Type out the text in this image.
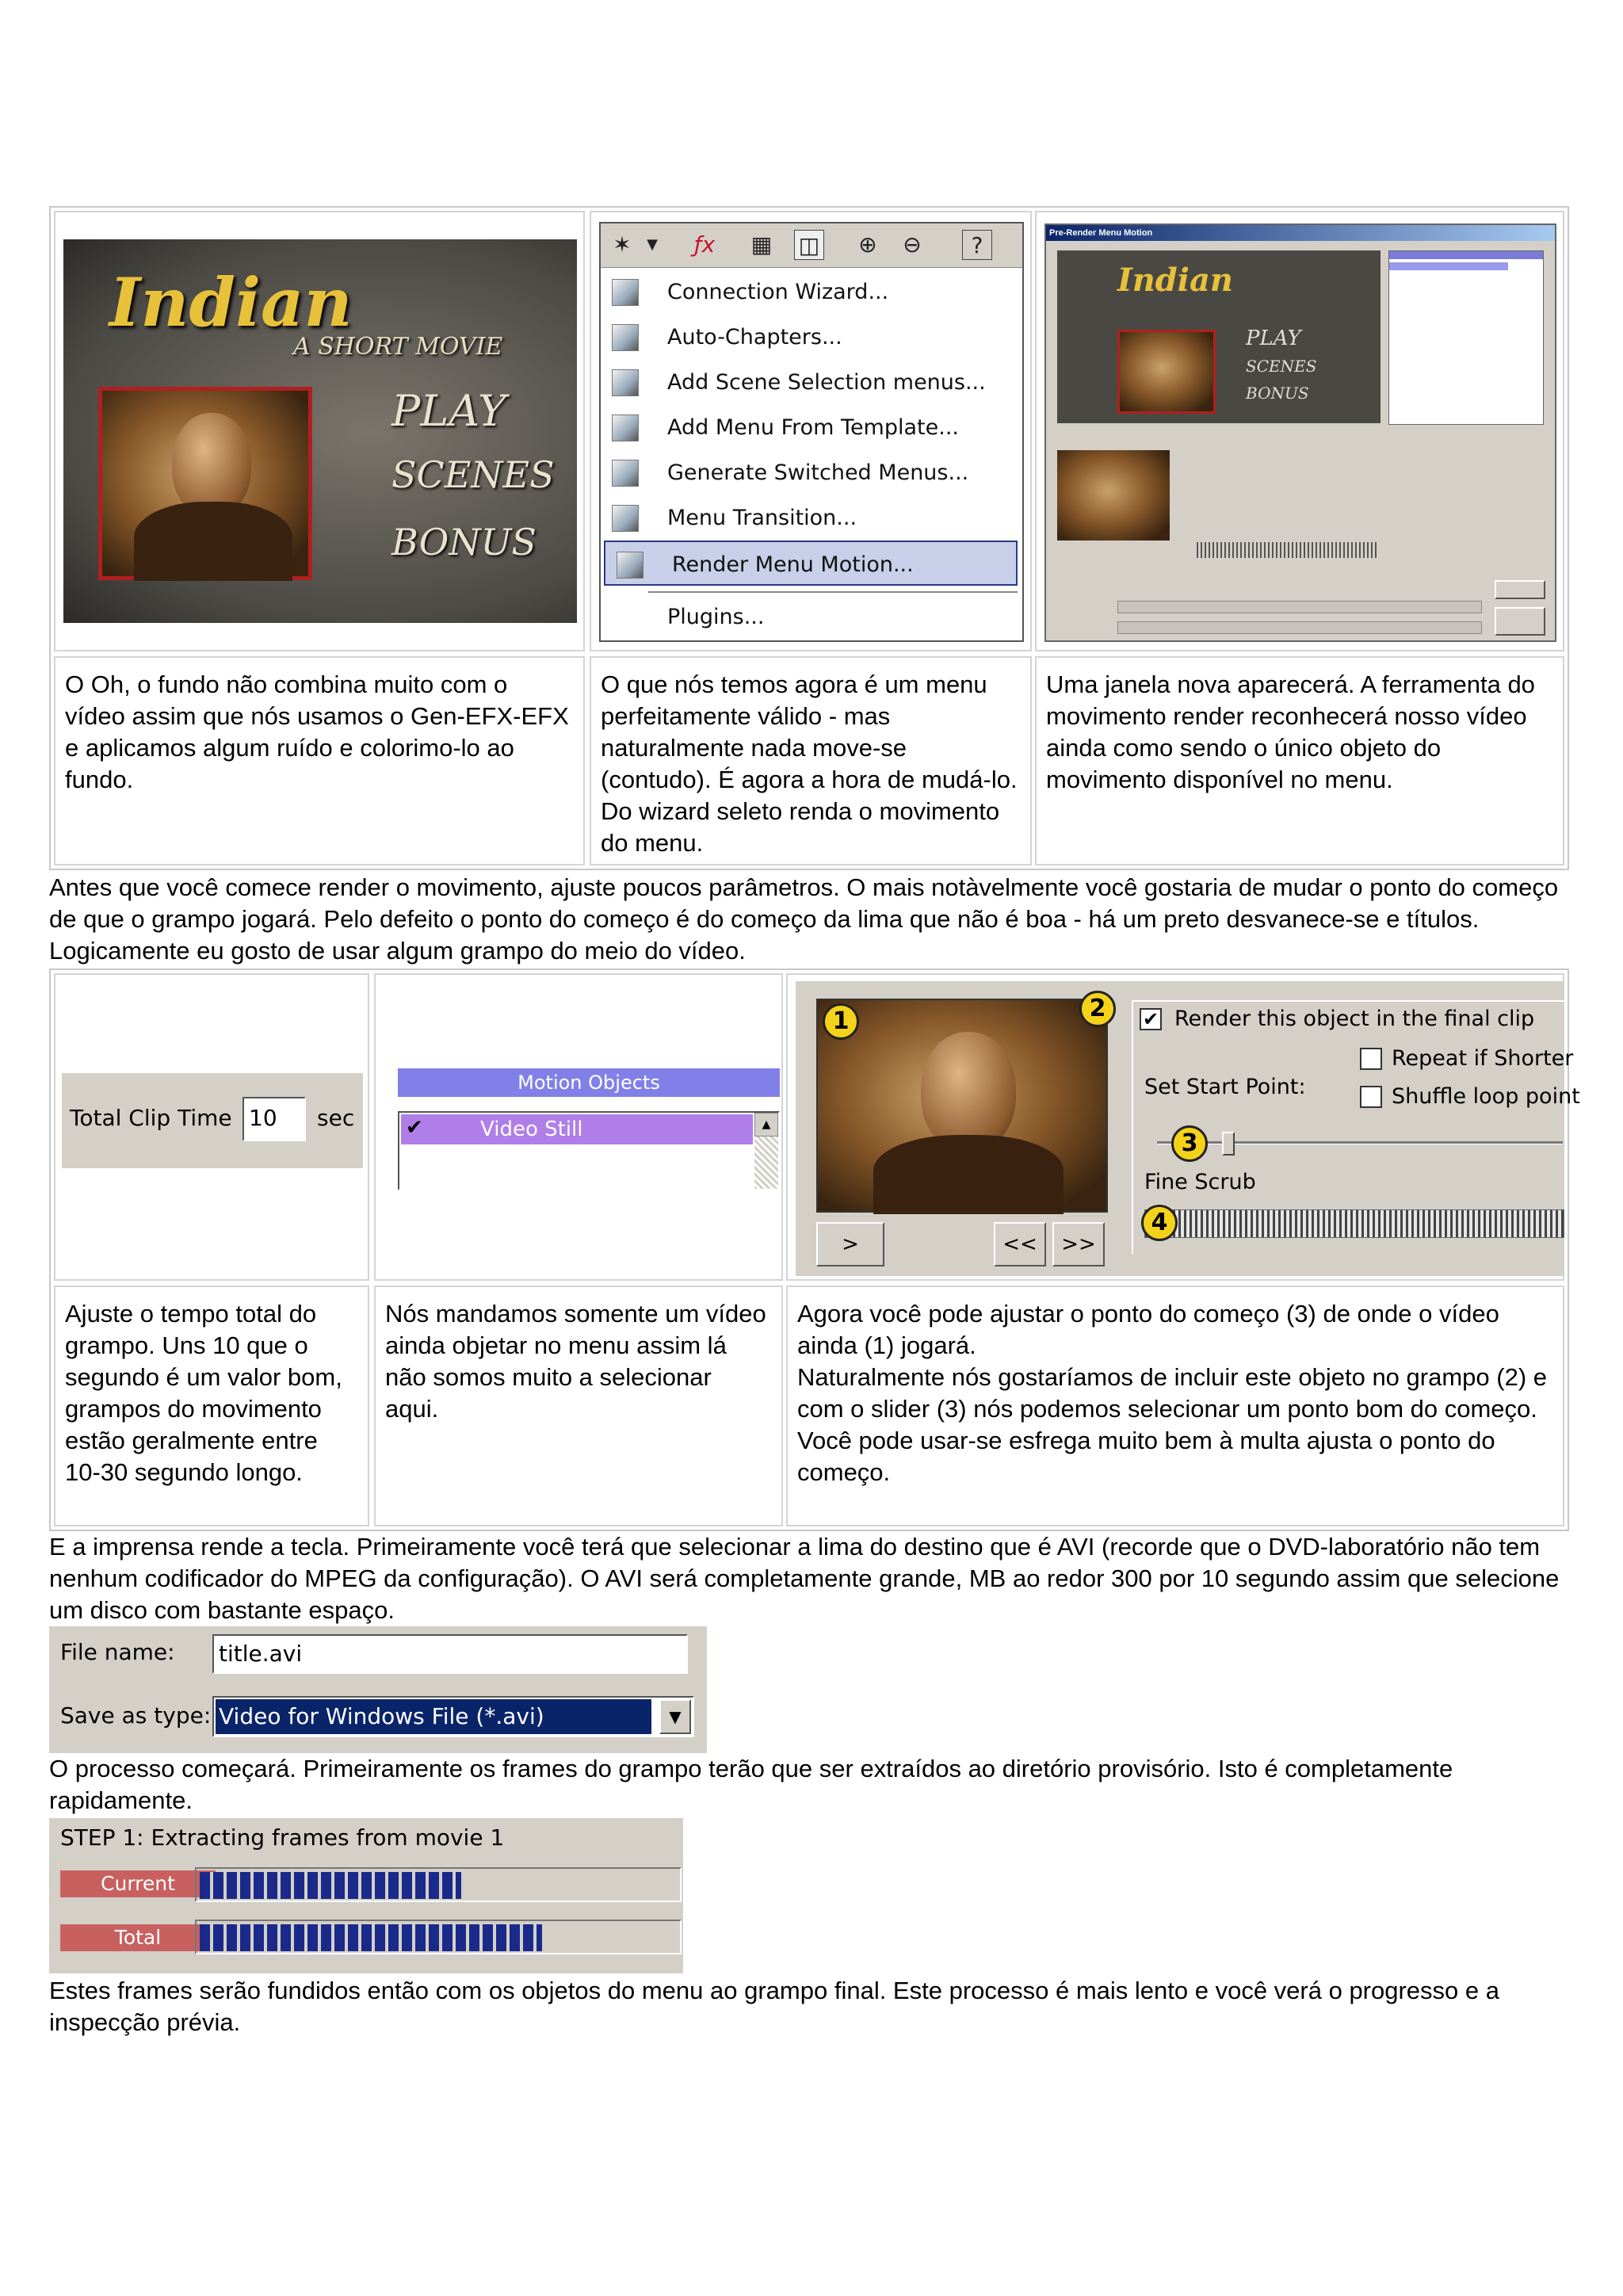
Indian
A SHORT MOVIE
PLAY
SCENES
BONUS
✶	▼	ƒx ▦ ◫ ⊕ ⊖	?
Connection Wizard...
Auto-Chapters...
Add Scene Selection menus...
Add Menu From Template...
Generate Switched Menus...
Menu Transition...
Render Menu Motion...
Plugins...
Pre-Render Menu Motion
Indian
PLAY
SCENES
BONUS
O Oh, o fundo não combina muito com o vídeo assim que nós usamos o Gen-EFX-EFX e aplicamos algum ruído e colorimo-lo ao fundo.
O que nós temos agora é um menu perfeitamente válido - mas naturalmente nada move-se (contudo). É agora a hora de mudá-lo. Do wizard seleto renda o movimento do menu.
Uma janela nova aparecerá. A ferramenta do movimento render reconhecerá nosso vídeo ainda como sendo o único objeto do movimento disponível no menu.
Antes que você comece render o movimento, ajuste poucos parâmetros. O mais notàvelmente você gostaria de mudar o ponto do começo de que o grampo jogará. Pelo defeito o ponto do começo é do começo da lima que não é boa - há um preto desvanece-se e títulos. Logicamente eu gosto de usar algum grampo do meio do vídeo.
Total Clip Time 10	sec
Motion Objects
✔	Video Still	▲
1	2
>	<<	>>
✔ Render this object in the final clip
Repeat if Shorter
Set Start Point:	Shuffle loop point
3
Fine Scrub
4
Ajuste o tempo total do grampo. Uns 10 que o segundo é um valor bom, grampos do movimento estão geralmente entre 10-30 segundo longo.
Nós mandamos somente um vídeo ainda objetar no menu assim lá não somos muito a selecionar aqui.
Agora você pode ajustar o ponto do começo (3) de onde o vídeo ainda (1) jogará.
Naturalmente nós gostaríamos de incluir este objeto no grampo (2) e com o slider (3) nós podemos selecionar um ponto bom do começo. Você pode usar-se esfrega muito bem à multa ajusta o ponto do começo.
E a imprensa rende a tecla. Primeiramente você terá que selecionar a lima do destino que é AVI (recorde que o DVD-laboratório não tem nenhum codificador do MPEG da configuração). O AVI será completamente grande, MB ao redor 300 por 10 segundo assim que selecione um disco com bastante espaço.
File name: title.avi
Save as type: Video for Windows File (*.avi)	▼
O processo começará. Primeiramente os frames do grampo terão que ser extraídos ao diretório provisório. Isto é completamente rapidamente.
STEP 1: Extracting frames from movie 1
Current
Total
Estes frames serão fundidos então com os objetos do menu ao grampo final. Este processo é mais lento e você verá o progresso e a inspecção prévia.
